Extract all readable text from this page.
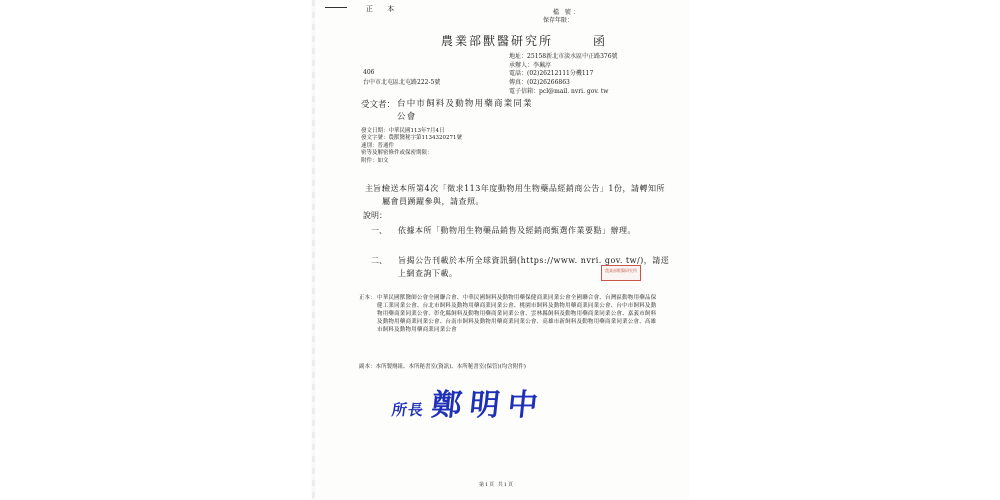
正 本	檔 號：
保存年限：
農業部獸醫研究所	函
地址：25158新北市淡水區中正路376號
承辦人：李珮淳
電話：(02)26212111分機117
傳真：(02)26266863
電子信箱：pcl@mail. nvri. gov. tw
406
台中市北屯區北屯路222-5號
受文者： 台中市飼料及動物用藥商業同業公會
發文日期：中華民國113年7月4日
發文字號：農獸醫秘字第1134320271號
速別：普通件
密等及解密條件或保密期限：
附件：如文
主旨：
檢送本所第4次「徵求113年度動物用生物藥品經銷商公告」1份，請轉知所屬會員踴躍參與，請查照。
說明：
一、 依據本所「動物用生物藥品銷售及經銷商甄選作業要點」辦理。
二、 旨揭公告刊載於本所全球資訊網(https://www. nvri. gov. tw/)，請逕上網查詢下載。	農業部獸醫研究所
正本： 中華民國獸醫師公會全國聯合會、中華民國飼料及動物用藥保健商業同業公會全國聯合會、台灣區動物用藥品保健工業同業公會、台北市飼料及動物用藥商業同業公會、桃園市飼料及動物用藥商業同業公會、台中市飼料及動物用藥商業同業公會、彰化縣飼料及動物用藥商業同業公會、雲林縣飼料及動物用藥商業同業公會、嘉義市飼料及動物用藥商業同業公會、台南市飼料及動物用藥商業同業公會、高雄市新飼料及動物用藥商業同業公會、高雄市飼料及動物用藥商業同業公會
副本：本所製劑組、本所秘書室(資訊)、本所秘書室(保管)(均含附件)
所長 鄭明中
第1頁 共1頁
